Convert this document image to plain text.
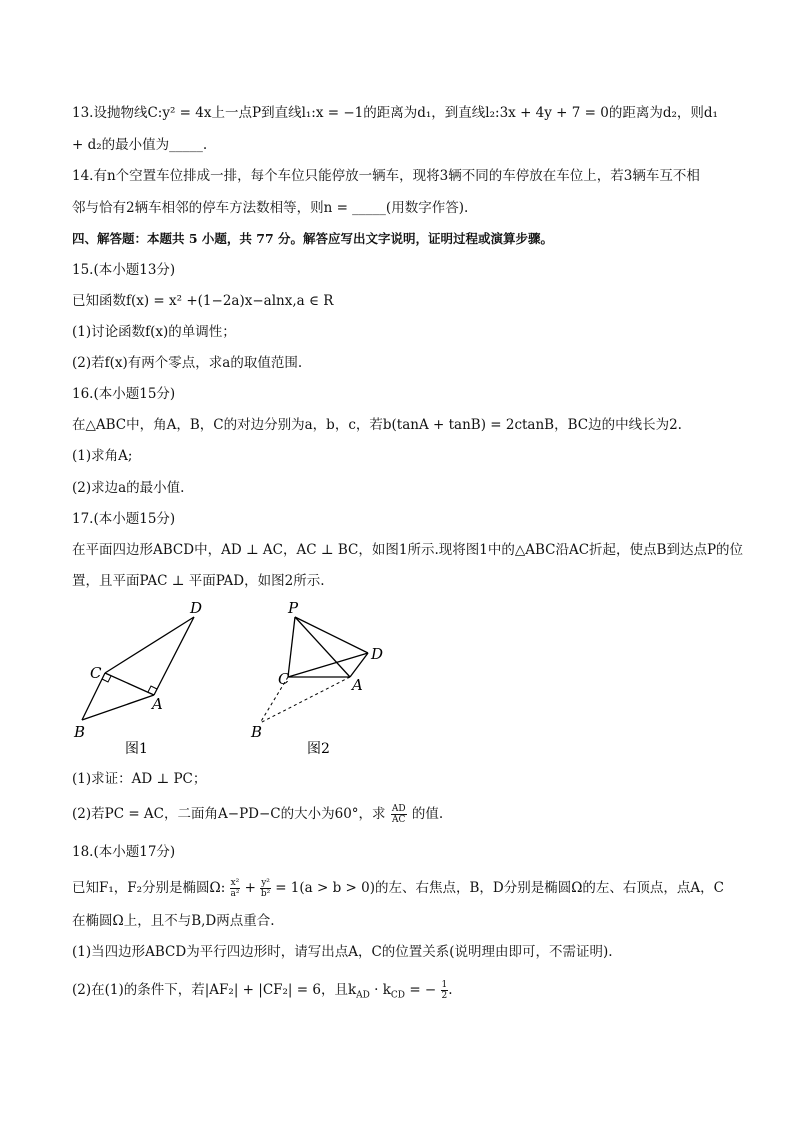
13.设抛物线C:y² = 4x上一点P到直线l₁:x = −1的距离为d₁，到直线l₂:3x + 4y + 7 = 0的距离为d₂，则d₁
+ d₂的最小值为_____.
14.有n个空置车位排成一排，每个车位只能停放一辆车，现将3辆不同的车停放在车位上，若3辆车互不相
邻与恰有2辆车相邻的停车方法数相等，则n = _____(用数字作答).
四、解答题：本题共 5 小题，共 77 分。解答应写出文字说明，证明过程或演算步骤。
15.(本小题13分)
已知函数f(x) = x² +(1−2a)x−alnx,a ∈ R
(1)讨论函数f(x)的单调性；
(2)若f(x)有两个零点，求a的取值范围.
16.(本小题15分)
在△ABC中，角A，B，C的对边分别为a，b，c，若b(tanA + tanB) = 2ctanB，BC边的中线长为2.
(1)求角A;
(2)求边a的最小值.
17.(本小题15分)
在平面四边形ABCD中，AD ⊥ AC，AC ⊥ BC，如图1所示.现将图1中的△ABC沿AC折起，使点B到达点P的位
置，且平面PAC ⊥ 平面PAD，如图2所示.
D
C
A
B
图1
P
D
C	A
B
图2
(1)求证：AD ⊥ PC；
(2)若PC = AC，二面角A−PD−C的大小为60°，求 $\frac{AD}{AC}$ 的值.
18.(本小题17分)
已知F₁，F₂分别是椭圆Ω: $\frac{\text{x²}}{\text{a²}} + \frac{\text{y²}}{\text{b²}} = 1(a > b > 0)$的左、右焦点，B，D分别是椭圆Ω的左、右顶点，点A，C
在椭圆Ω上，且不与B,D两点重合.
(1)当四边形ABCD为平行四边形时，请写出点A，C的位置关系(说明理由即可，不需证明).
(2)在(1)的条件下，若|AF₂| + |CF₂| = 6，且$k_{AD} \cdot k_{CD}$ = − $\frac{1}{2}$ .
